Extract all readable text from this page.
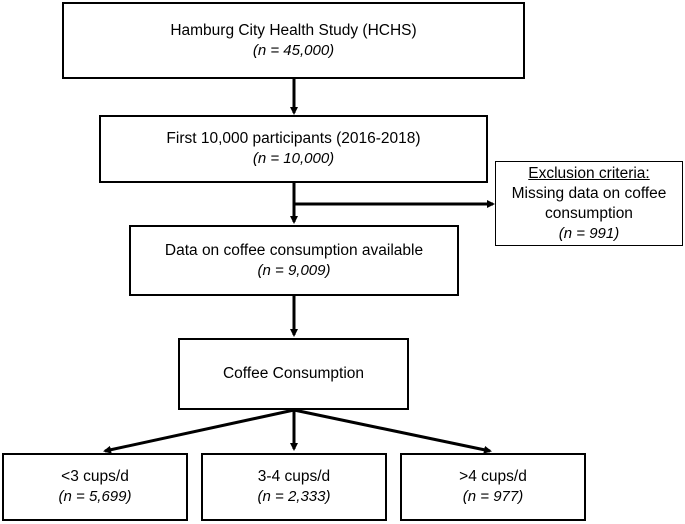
Hamburg City Health Study (HCHS)
(n = 45,000)
First 10,000 participants (2016-2018)
(n = 10,000)
Exclusion criteria:
Missing data on coffee
consumption
(n = 991)
Data on coffee consumption available
(n = 9,009)
Coffee Consumption
<3 cups/d
(n = 5,699)
3-4 cups/d
(n = 2,333)
>4 cups/d
(n = 977)
